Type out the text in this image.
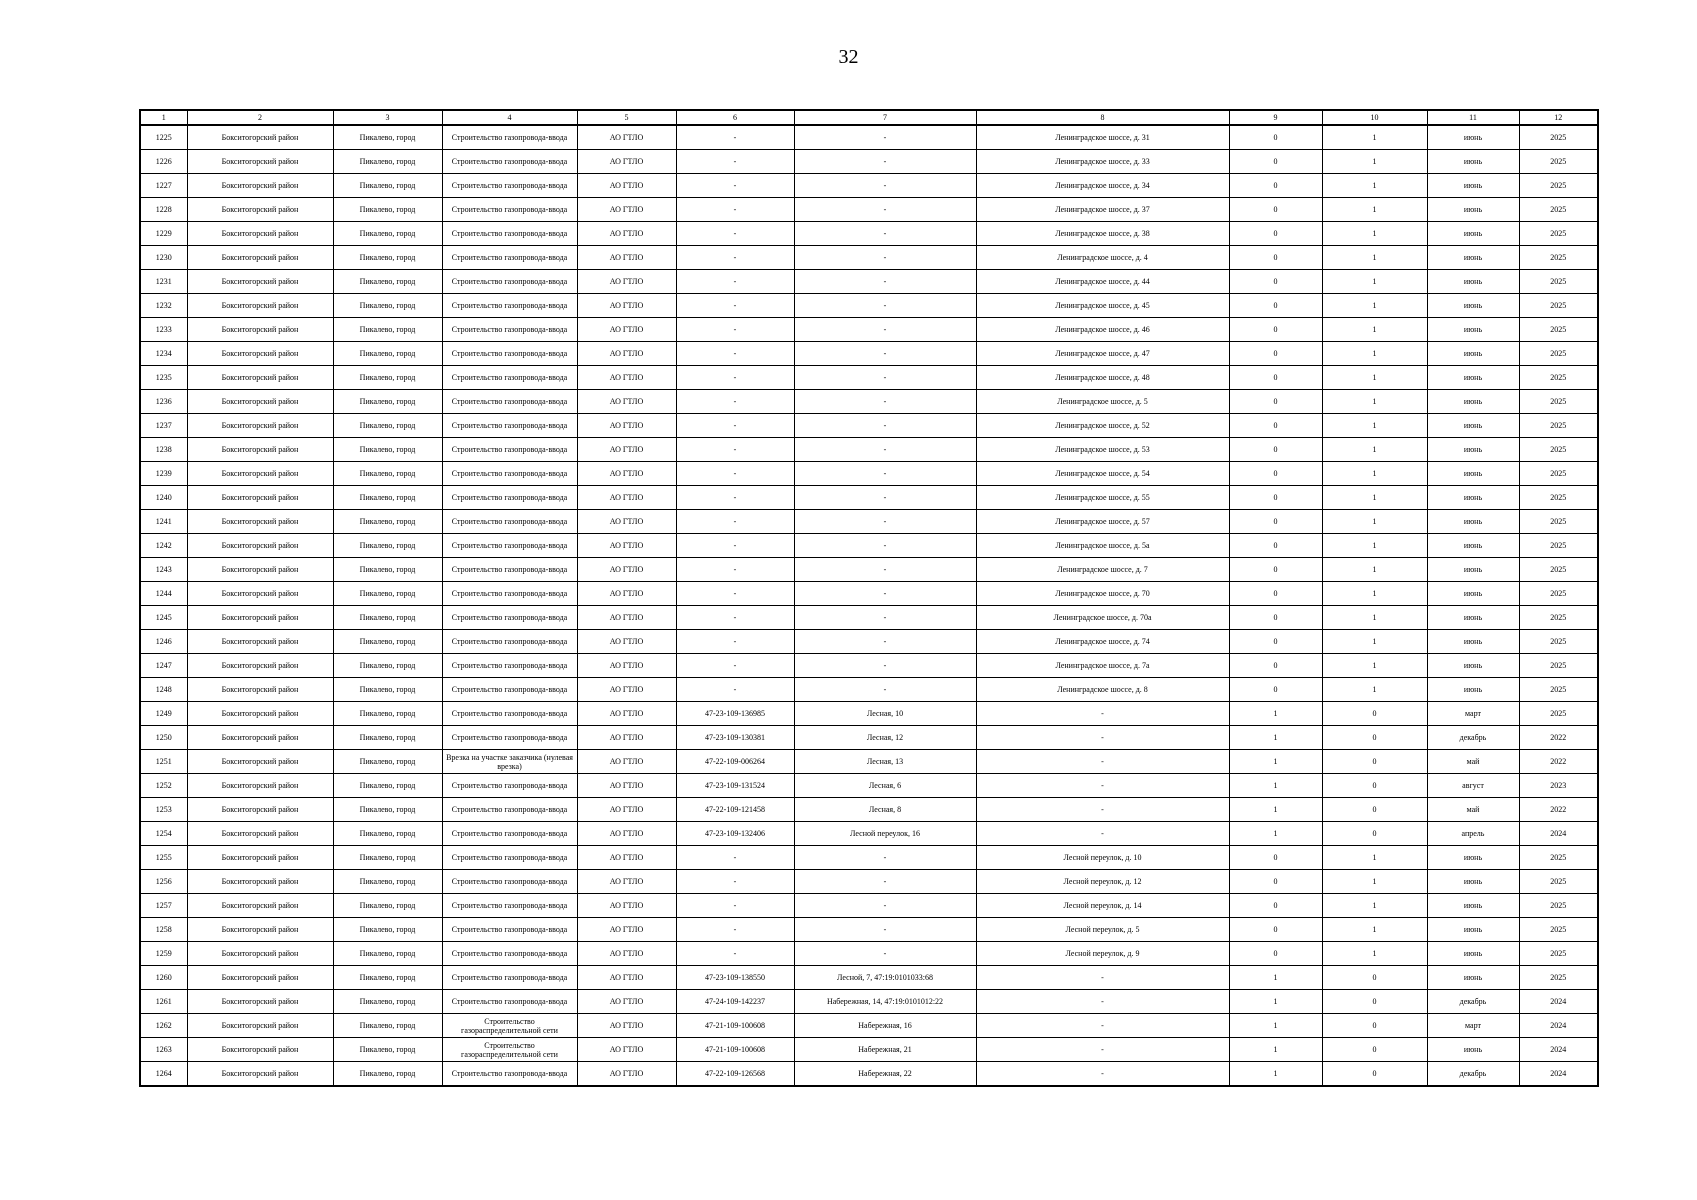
32
1	2	3	4	5	6	7	8	9	10	11	12
1225	Бокситогорский район	Пикалево, город	Строительство газопровода-ввода	АО ГТЛО	-	-	Ленинградское шоссе, д. 31	0	1	июнь	2025
1226	Бокситогорский район	Пикалево, город	Строительство газопровода-ввода	АО ГТЛО	-	-	Ленинградское шоссе, д. 33	0	1	июнь	2025
1227	Бокситогорский район	Пикалево, город	Строительство газопровода-ввода	АО ГТЛО	-	-	Ленинградское шоссе, д. 34	0	1	июнь	2025
1228	Бокситогорский район	Пикалево, город	Строительство газопровода-ввода	АО ГТЛО	-	-	Ленинградское шоссе, д. 37	0	1	июнь	2025
1229	Бокситогорский район	Пикалево, город	Строительство газопровода-ввода	АО ГТЛО	-	-	Ленинградское шоссе, д. 38	0	1	июнь	2025
1230	Бокситогорский район	Пикалево, город	Строительство газопровода-ввода	АО ГТЛО	-	-	Ленинградское шоссе, д. 4	0	1	июнь	2025
1231	Бокситогорский район	Пикалево, город	Строительство газопровода-ввода	АО ГТЛО	-	-	Ленинградское шоссе, д. 44	0	1	июнь	2025
1232	Бокситогорский район	Пикалево, город	Строительство газопровода-ввода	АО ГТЛО	-	-	Ленинградское шоссе, д. 45	0	1	июнь	2025
1233	Бокситогорский район	Пикалево, город	Строительство газопровода-ввода	АО ГТЛО	-	-	Ленинградское шоссе, д. 46	0	1	июнь	2025
1234	Бокситогорский район	Пикалево, город	Строительство газопровода-ввода	АО ГТЛО	-	-	Ленинградское шоссе, д. 47	0	1	июнь	2025
1235	Бокситогорский район	Пикалево, город	Строительство газопровода-ввода	АО ГТЛО	-	-	Ленинградское шоссе, д. 48	0	1	июнь	2025
1236	Бокситогорский район	Пикалево, город	Строительство газопровода-ввода	АО ГТЛО	-	-	Ленинградское шоссе, д. 5	0	1	июнь	2025
1237	Бокситогорский район	Пикалево, город	Строительство газопровода-ввода	АО ГТЛО	-	-	Ленинградское шоссе, д. 52	0	1	июнь	2025
1238	Бокситогорский район	Пикалево, город	Строительство газопровода-ввода	АО ГТЛО	-	-	Ленинградское шоссе, д. 53	0	1	июнь	2025
1239	Бокситогорский район	Пикалево, город	Строительство газопровода-ввода	АО ГТЛО	-	-	Ленинградское шоссе, д. 54	0	1	июнь	2025
1240	Бокситогорский район	Пикалево, город	Строительство газопровода-ввода	АО ГТЛО	-	-	Ленинградское шоссе, д. 55	0	1	июнь	2025
1241	Бокситогорский район	Пикалево, город	Строительство газопровода-ввода	АО ГТЛО	-	-	Ленинградское шоссе, д. 57	0	1	июнь	2025
1242	Бокситогорский район	Пикалево, город	Строительство газопровода-ввода	АО ГТЛО	-	-	Ленинградское шоссе, д. 5а	0	1	июнь	2025
1243	Бокситогорский район	Пикалево, город	Строительство газопровода-ввода	АО ГТЛО	-	-	Ленинградское шоссе, д. 7	0	1	июнь	2025
1244	Бокситогорский район	Пикалево, город	Строительство газопровода-ввода	АО ГТЛО	-	-	Ленинградское шоссе, д. 70	0	1	июнь	2025
1245	Бокситогорский район	Пикалево, город	Строительство газопровода-ввода	АО ГТЛО	-	-	Ленинградское шоссе, д. 70а	0	1	июнь	2025
1246	Бокситогорский район	Пикалево, город	Строительство газопровода-ввода	АО ГТЛО	-	-	Ленинградское шоссе, д. 74	0	1	июнь	2025
1247	Бокситогорский район	Пикалево, город	Строительство газопровода-ввода	АО ГТЛО	-	-	Ленинградское шоссе, д. 7а	0	1	июнь	2025
1248	Бокситогорский район	Пикалево, город	Строительство газопровода-ввода	АО ГТЛО	-	-	Ленинградское шоссе, д. 8	0	1	июнь	2025
1249	Бокситогорский район	Пикалево, город	Строительство газопровода-ввода	АО ГТЛО	47-23-109-136985	Лесная, 10	-	1	0	март	2025
1250	Бокситогорский район	Пикалево, город	Строительство газопровода-ввода	АО ГТЛО	47-23-109-130381	Лесная, 12	-	1	0	декабрь	2022
1251	Бокситогорский район	Пикалево, город	Врезка на участке заказчика (нулевая врезка)	АО ГТЛО	47-22-109-006264	Лесная, 13	-	1	0	май	2022
1252	Бокситогорский район	Пикалево, город	Строительство газопровода-ввода	АО ГТЛО	47-23-109-131524	Лесная, 6	-	1	0	август	2023
1253	Бокситогорский район	Пикалево, город	Строительство газопровода-ввода	АО ГТЛО	47-22-109-121458	Лесная, 8	-	1	0	май	2022
1254	Бокситогорский район	Пикалево, город	Строительство газопровода-ввода	АО ГТЛО	47-23-109-132406	Лесной переулок, 16	-	1	0	апрель	2024
1255	Бокситогорский район	Пикалево, город	Строительство газопровода-ввода	АО ГТЛО	-	-	Лесной переулок, д. 10	0	1	июнь	2025
1256	Бокситогорский район	Пикалево, город	Строительство газопровода-ввода	АО ГТЛО	-	-	Лесной переулок, д. 12	0	1	июнь	2025
1257	Бокситогорский район	Пикалево, город	Строительство газопровода-ввода	АО ГТЛО	-	-	Лесной переулок, д. 14	0	1	июнь	2025
1258	Бокситогорский район	Пикалево, город	Строительство газопровода-ввода	АО ГТЛО	-	-	Лесной переулок, д. 5	0	1	июнь	2025
1259	Бокситогорский район	Пикалево, город	Строительство газопровода-ввода	АО ГТЛО	-	-	Лесной переулок, д. 9	0	1	июнь	2025
1260	Бокситогорский район	Пикалево, город	Строительство газопровода-ввода	АО ГТЛО	47-23-109-138550	Лесной, 7, 47:19:0101033:68	-	1	0	июнь	2025
1261	Бокситогорский район	Пикалево, город	Строительство газопровода-ввода	АО ГТЛО	47-24-109-142237	Набережная, 14, 47:19:0101012:22	-	1	0	декабрь	2024
1262	Бокситогорский район	Пикалево, город	Строительство газораспределительной сети	АО ГТЛО	47-21-109-100608	Набережная, 16	-	1	0	март	2024
1263	Бокситогорский район	Пикалево, город	Строительство газораспределительной сети	АО ГТЛО	47-21-109-100608	Набережная, 21	-	1	0	июнь	2024
1264	Бокситогорский район	Пикалево, город	Строительство газопровода-ввода	АО ГТЛО	47-22-109-126568	Набережная, 22	-	1	0	декабрь	2024
